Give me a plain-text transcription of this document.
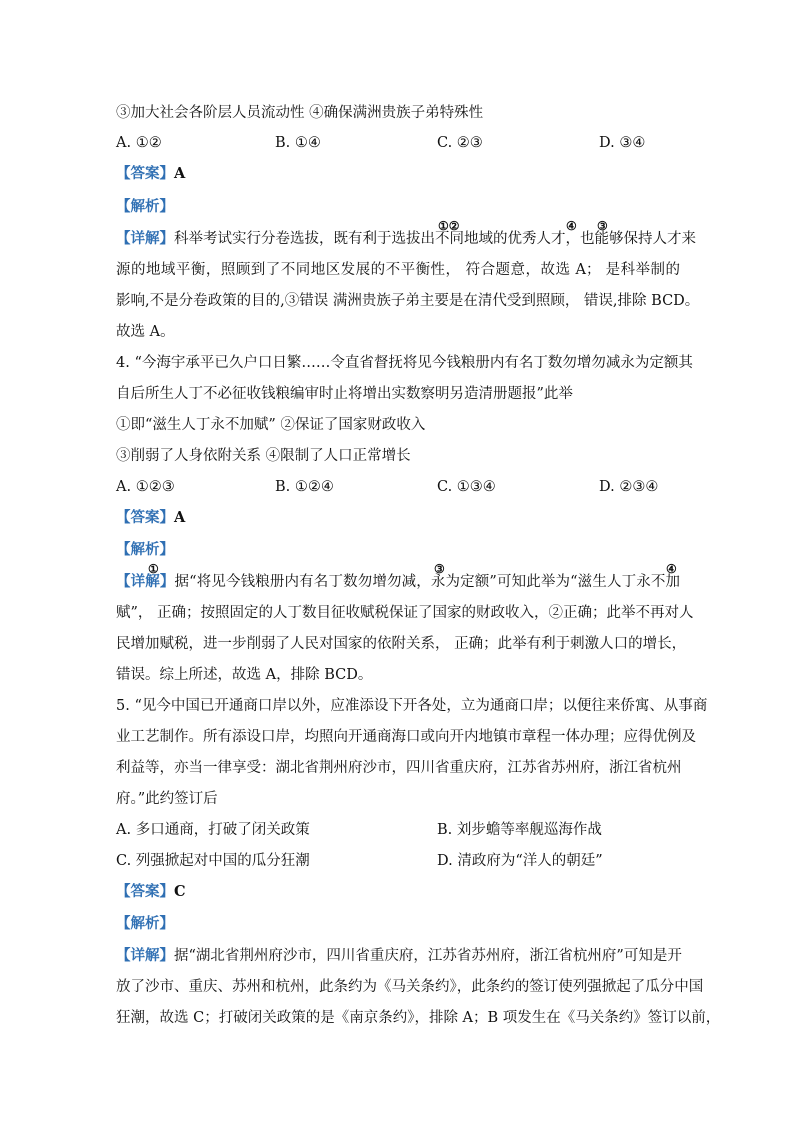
③加大社会各阶层人员流动性 ④确保满洲贵族子弟特殊性
A. ①②	B. ①④	C. ②③	D. ③④
【答案】A
【解析】
①②	④ ③
【详解】科举考试实行分卷选拔，既有利于选拔出不同地域的优秀人才，也能够保持人才来
源的地域平衡，照顾到了不同地区发展的不平衡性， 符合题意，故选 A； 是科举制的
影响,不是分卷政策的目的,③错误 满洲贵族子弟主要是在清代受到照顾， 错误,排除 BCD。
故选 A。
4. “今海宇承平已久户口日繁……令直省督抚将见今钱粮册内有名丁数勿增勿减永为定额其
自后所生人丁不必征收钱粮编审时止将增出实数察明另造清册题报”此举
①即“滋生人丁永不加赋” ②保证了国家财政收入
③削弱了人身依附关系 ④限制了人口正常增长
A. ①②③	B. ①②④	C. ①③④	D. ②③④
【答案】A
【解析】
①	③	④
【详解】据“将见今钱粮册内有名丁数勿增勿减，永为定额”可知此举为“滋生人丁永不加
赋”， 正确；按照固定的人丁数目征收赋税保证了国家的财政收入，②正确；此举不再对人
民增加赋税，进一步削弱了人民对国家的依附关系， 正确；此举有利于刺激人口的增长，
错误。综上所述，故选 A，排除 BCD。
5. “见今中国已开通商口岸以外，应准添设下开各处，立为通商口岸；以便往来侨寓、从事商
业工艺制作。所有添设口岸，均照向开通商海口或向开内地镇市章程一体办理；应得优例及
利益等，亦当一律享受：湖北省荆州府沙市，四川省重庆府，江苏省苏州府，浙江省杭州
府。”此约签订后
A. 多口通商，打破了闭关政策	B. 刘步蟾等率舰巡海作战
C. 列强掀起对中国的瓜分狂潮	D. 清政府为“洋人的朝廷”
【答案】C
【解析】
【详解】据“湖北省荆州府沙市，四川省重庆府，江苏省苏州府，浙江省杭州府”可知是开
放了沙市、重庆、苏州和杭州，此条约为《马关条约》，此条约的签订使列强掀起了瓜分中国
狂潮，故选 C；打破闭关政策的是《南京条约》，排除 A；B 项发生在《马关条约》签订以前，
